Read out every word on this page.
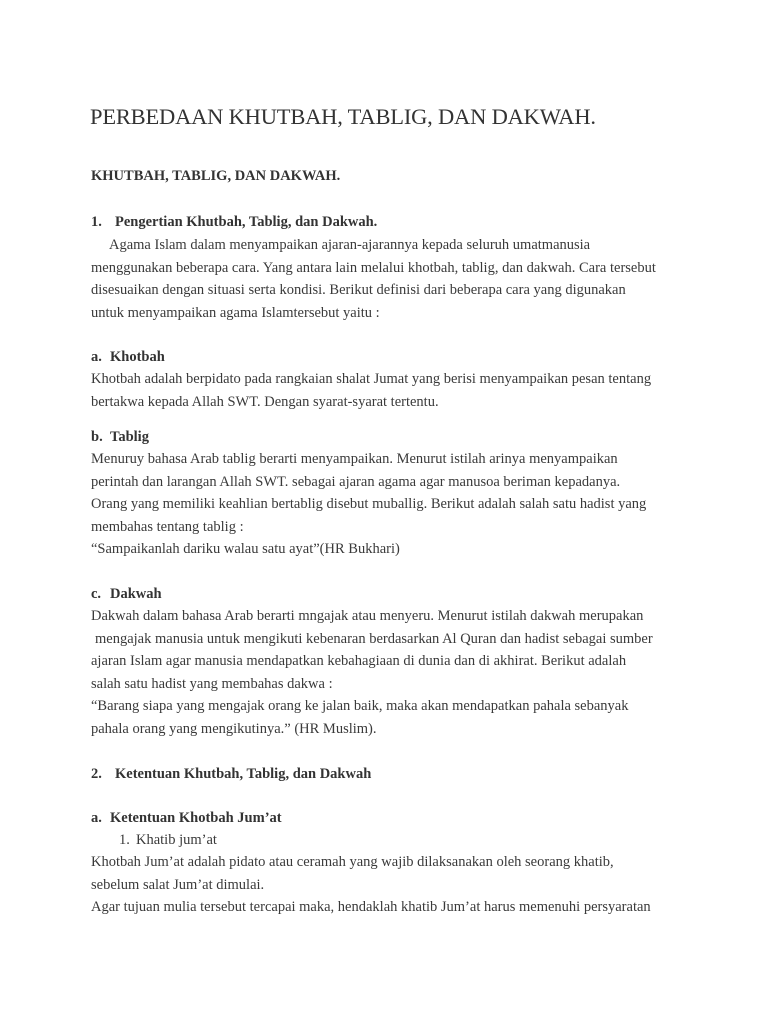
PERBEDAAN KHUTBAH, TABLIG, DAN DAKWAH.
KHUTBAH, TABLIG, DAN DAKWAH.
1. Pengertian Khutbah, Tablig, dan Dakwah.
Agama Islam dalam menyampaikan ajaran-ajarannya kepada seluruh umatmanusia
menggunakan beberapa cara. Yang antara lain melalui khotbah, tablig, dan dakwah. Cara tersebut
disesuaikan dengan situasi serta kondisi. Berikut definisi dari beberapa cara yang digunakan
untuk menyampaikan agama Islamtersebut yaitu :
a. Khotbah
Khotbah adalah berpidato pada rangkaian shalat Jumat yang berisi menyampaikan pesan tentang
bertakwa kepada Allah SWT. Dengan syarat-syarat tertentu.
b. Tablig
Menuruy bahasa Arab tablig berarti menyampaikan. Menurut istilah arinya menyampaikan
perintah dan larangan Allah SWT. sebagai ajaran agama agar manusoa beriman kepadanya.
Orang yang memiliki keahlian bertablig disebut muballig. Berikut adalah salah satu hadist yang
membahas tentang tablig :
“Sampaikanlah dariku walau satu ayat”(HR Bukhari)
c. Dakwah
Dakwah dalam bahasa Arab berarti mngajak atau menyeru. Menurut istilah dakwah merupakan
mengajak manusia untuk mengikuti kebenaran berdasarkan Al Quran dan hadist sebagai sumber
ajaran Islam agar manusia mendapatkan kebahagiaan di dunia dan di akhirat. Berikut adalah
salah satu hadist yang membahas dakwa :
“Barang siapa yang mengajak orang ke jalan baik, maka akan mendapatkan pahala sebanyak
pahala orang yang mengikutinya.” (HR Muslim).
2. Ketentuan Khutbah, Tablig, dan Dakwah
a. Ketentuan Khotbah Jum’at
1. Khatib jum’at
Khotbah Jum’at adalah pidato atau ceramah yang wajib dilaksanakan oleh seorang khatib,
sebelum salat Jum’at dimulai.
Agar tujuan mulia tersebut tercapai maka, hendaklah khatib Jum’at harus memenuhi persyaratan
